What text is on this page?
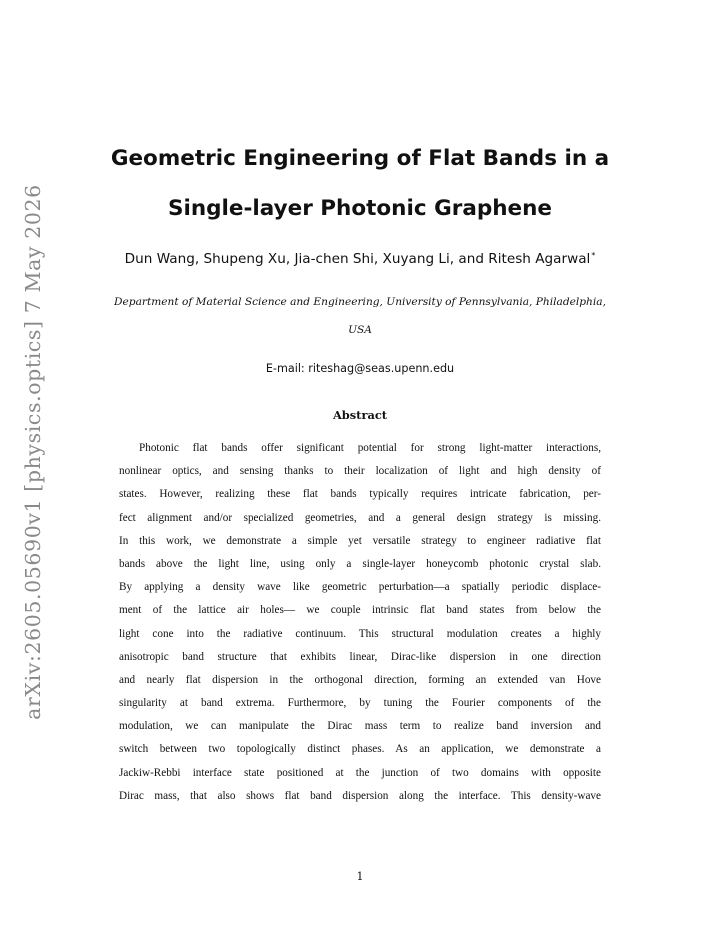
arXiv:2605.05690v1 [physics.optics] 7 May 2026
Geometric Engineering of Flat Bands in a
Single-layer Photonic Graphene
Dun Wang, Shupeng Xu, Jia-chen Shi, Xuyang Li, and Ritesh Agarwal*
Department of Material Science and Engineering, University of Pennsylvania, Philadelphia,
USA
E-mail: riteshag@seas.upenn.edu
Abstract
Photonic flat bands offer significant potential for strong light-matter interactions,
nonlinear optics, and sensing thanks to their localization of light and high density of
states. However, realizing these flat bands typically requires intricate fabrication, per-
fect alignment and/or specialized geometries, and a general design strategy is missing.
In this work, we demonstrate a simple yet versatile strategy to engineer radiative flat
bands above the light line, using only a single-layer honeycomb photonic crystal slab.
By applying a density wave like geometric perturbation—a spatially periodic displace-
ment of the lattice air holes— we couple intrinsic flat band states from below the
light cone into the radiative continuum. This structural modulation creates a highly
anisotropic band structure that exhibits linear, Dirac-like dispersion in one direction
and nearly flat dispersion in the orthogonal direction, forming an extended van Hove
singularity at band extrema. Furthermore, by tuning the Fourier components of the
modulation, we can manipulate the Dirac mass term to realize band inversion and
switch between two topologically distinct phases. As an application, we demonstrate a
Jackiw-Rebbi interface state positioned at the junction of two domains with opposite
Dirac mass, that also shows flat band dispersion along the interface. This density-wave
1
